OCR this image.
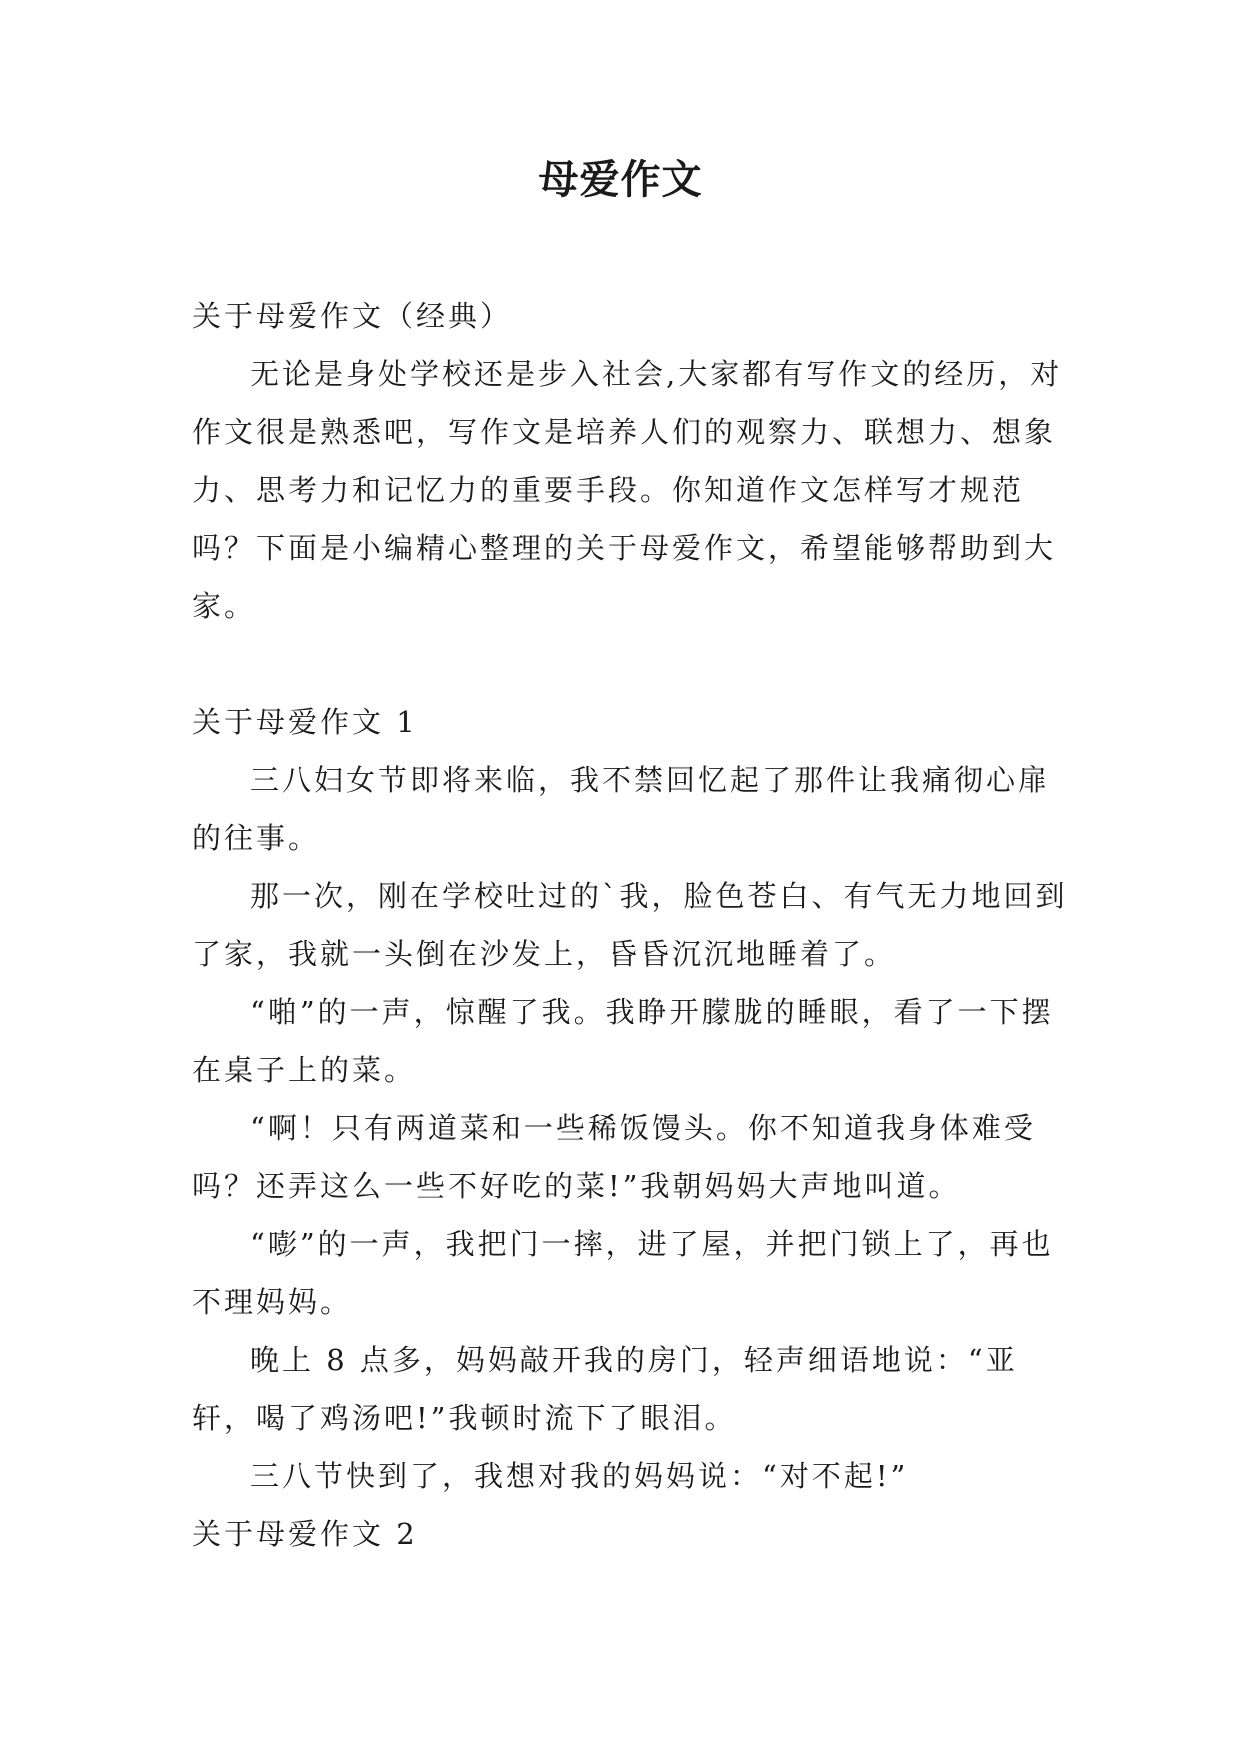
母爱作文

关于母爱作文（经典）

无论是身处学校还是步入社会,大家都有写作文的经历，对作文很是熟悉吧，写作文是培养人们的观察力、联想力、想象力、思考力和记忆力的重要手段。你知道作文怎样写才规范吗？下面是小编精心整理的关于母爱作文，希望能够帮助到大家。

关于母爱作文 1

三八妇女节即将来临，我不禁回忆起了那件让我痛彻心扉的往事。

那一次，刚在学校吐过的`我，脸色苍白、有气无力地回到了家，我就一头倒在沙发上，昏昏沉沉地睡着了。

“啪”的一声，惊醒了我。我睁开朦胧的睡眼，看了一下摆在桌子上的菜。

“啊！只有两道菜和一些稀饭馒头。你不知道我身体难受吗？还弄这么一些不好吃的菜!”我朝妈妈大声地叫道。

“嘭”的一声，我把门一摔，进了屋，并把门锁上了，再也不理妈妈。

晚上 8 点多，妈妈敲开我的房门，轻声细语地说：“亚轩，喝了鸡汤吧!”我顿时流下了眼泪。

三八节快到了，我想对我的妈妈说：“对不起!”

关于母爱作文 2
